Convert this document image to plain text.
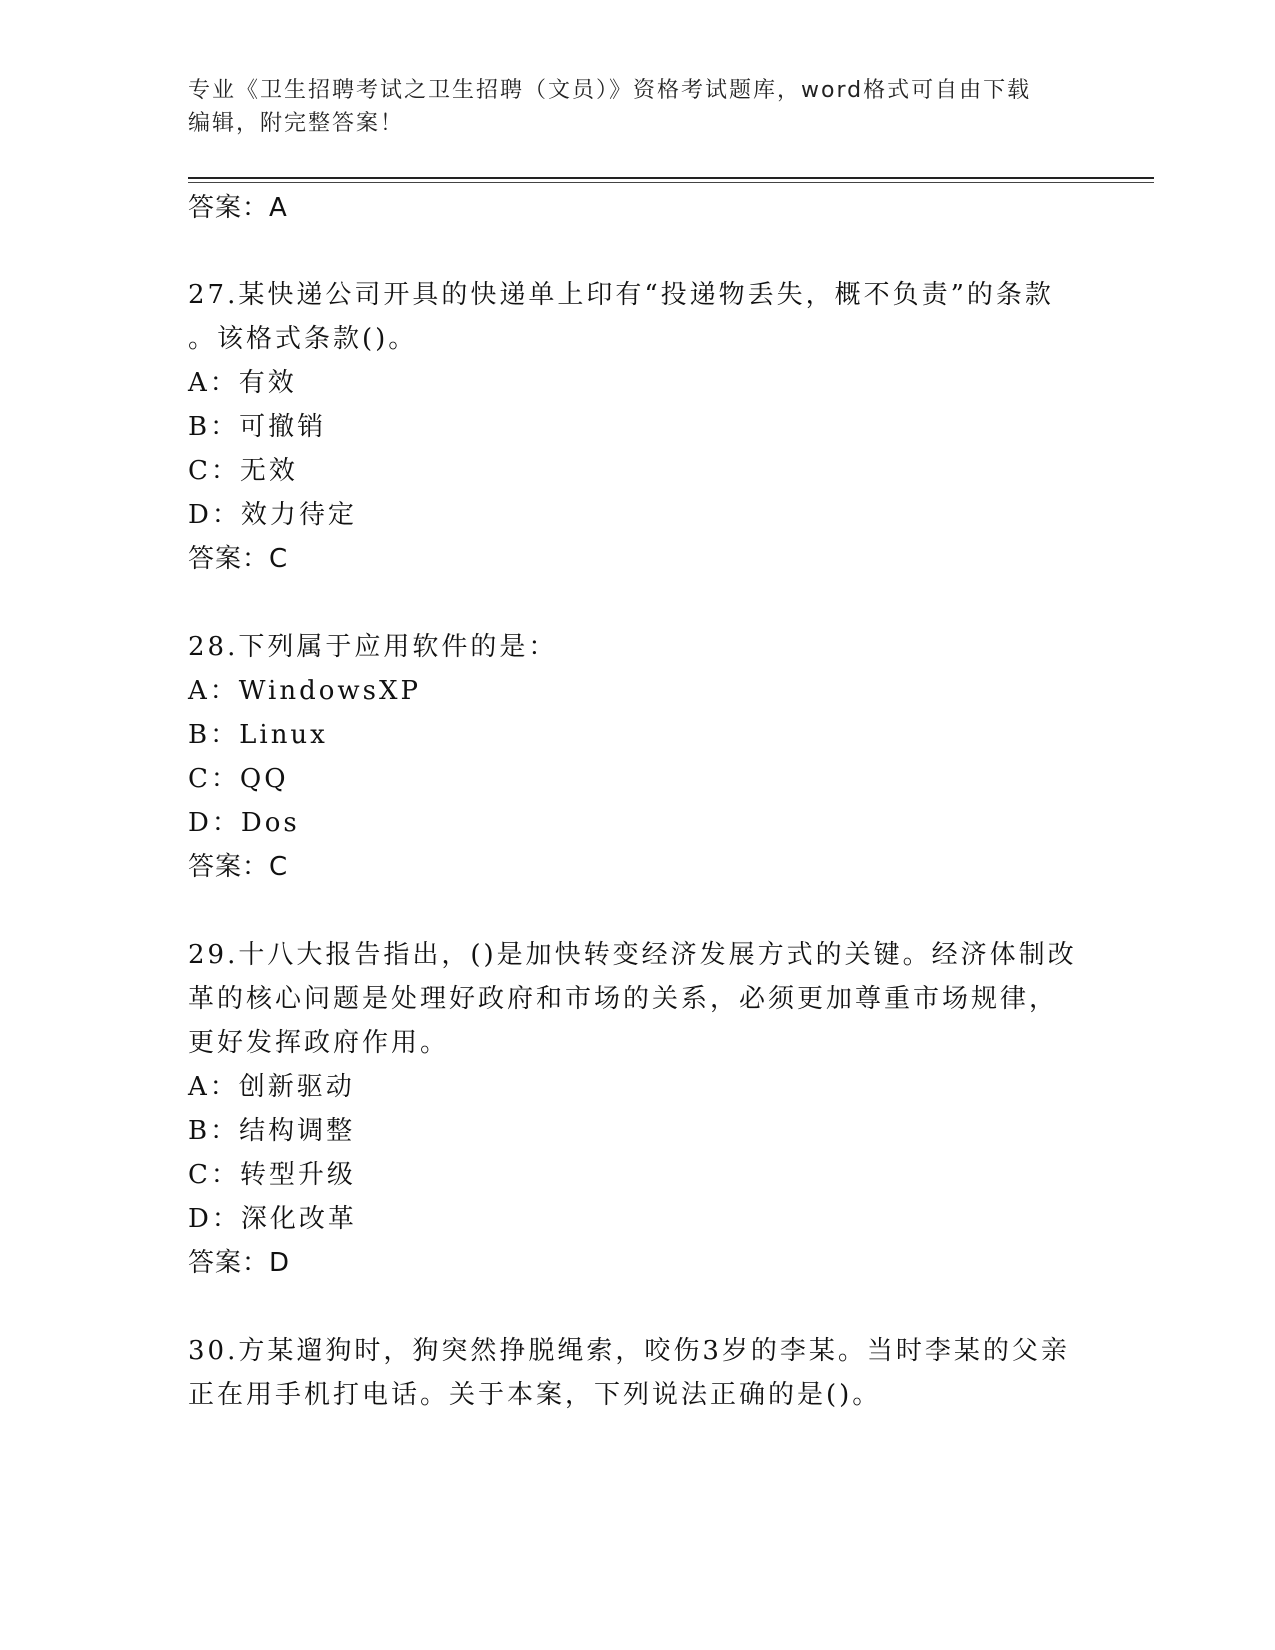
专业《卫生招聘考试之卫生招聘（文员）》资格考试题库，word格式可自由下载
编辑，附完整答案！
答案：A
27.某快递公司开具的快递单上印有“投递物丢失，概不负责”的条款
。该格式条款()。
A：有效
B：可撤销
C：无效
D：效力待定
答案：C
28.下列属于应用软件的是：
A：WindowsXP
B：Linux
C：QQ
D：Dos
答案：C
29.十八大报告指出，()是加快转变经济发展方式的关键。经济体制改
革的核心问题是处理好政府和市场的关系，必须更加尊重市场规律，
更好发挥政府作用。
A：创新驱动
B：结构调整
C：转型升级
D：深化改革
答案：D
30.方某遛狗时，狗突然挣脱绳索，咬伤3岁的李某。当时李某的父亲
正在用手机打电话。关于本案，下列说法正确的是()。
